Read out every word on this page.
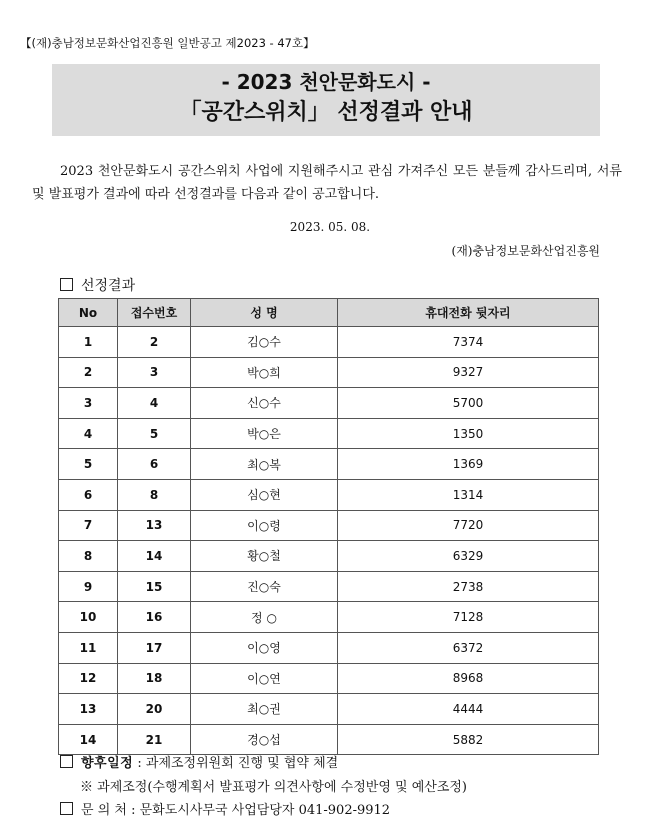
【(재)충남정보문화산업진흥원 일반공고 제2023 - 47호】
- 2023 천안문화도시 -
「공간스위치」 선정결과 안내
2023 천안문화도시 공간스위치 사업에 지원해주시고 관심 가져주신 모든 분들께 감사드리며, 서류 및 발표평가 결과에 따라 선정결과를 다음과 같이 공고합니다.
2023. 05. 08.
(재)충남정보문화산업진흥원
선정결과
No	접수번호	성 명	휴대전화 뒷자리
1	2	김○수	7374
2	3	박○희	9327
3	4	신○수	5700
4	5	박○은	1350
5	6	최○복	1369
6	8	심○현	1314
7	13	이○령	7720
8	14	황○철	6329
9	15	진○숙	2738
10	16	정 ○	7128
11	17	이○영	6372
12	18	이○연	8968
13	20	최○권	4444
14	21	경○섭	5882
향후일정 : 과제조정위원회 진행 및 협약 체결
※ 과제조정(수행계획서 발표평가 의견사항에 수정반영 및 예산조정)
문 의 처 : 문화도시사무국 사업담당자 041-902-9912
